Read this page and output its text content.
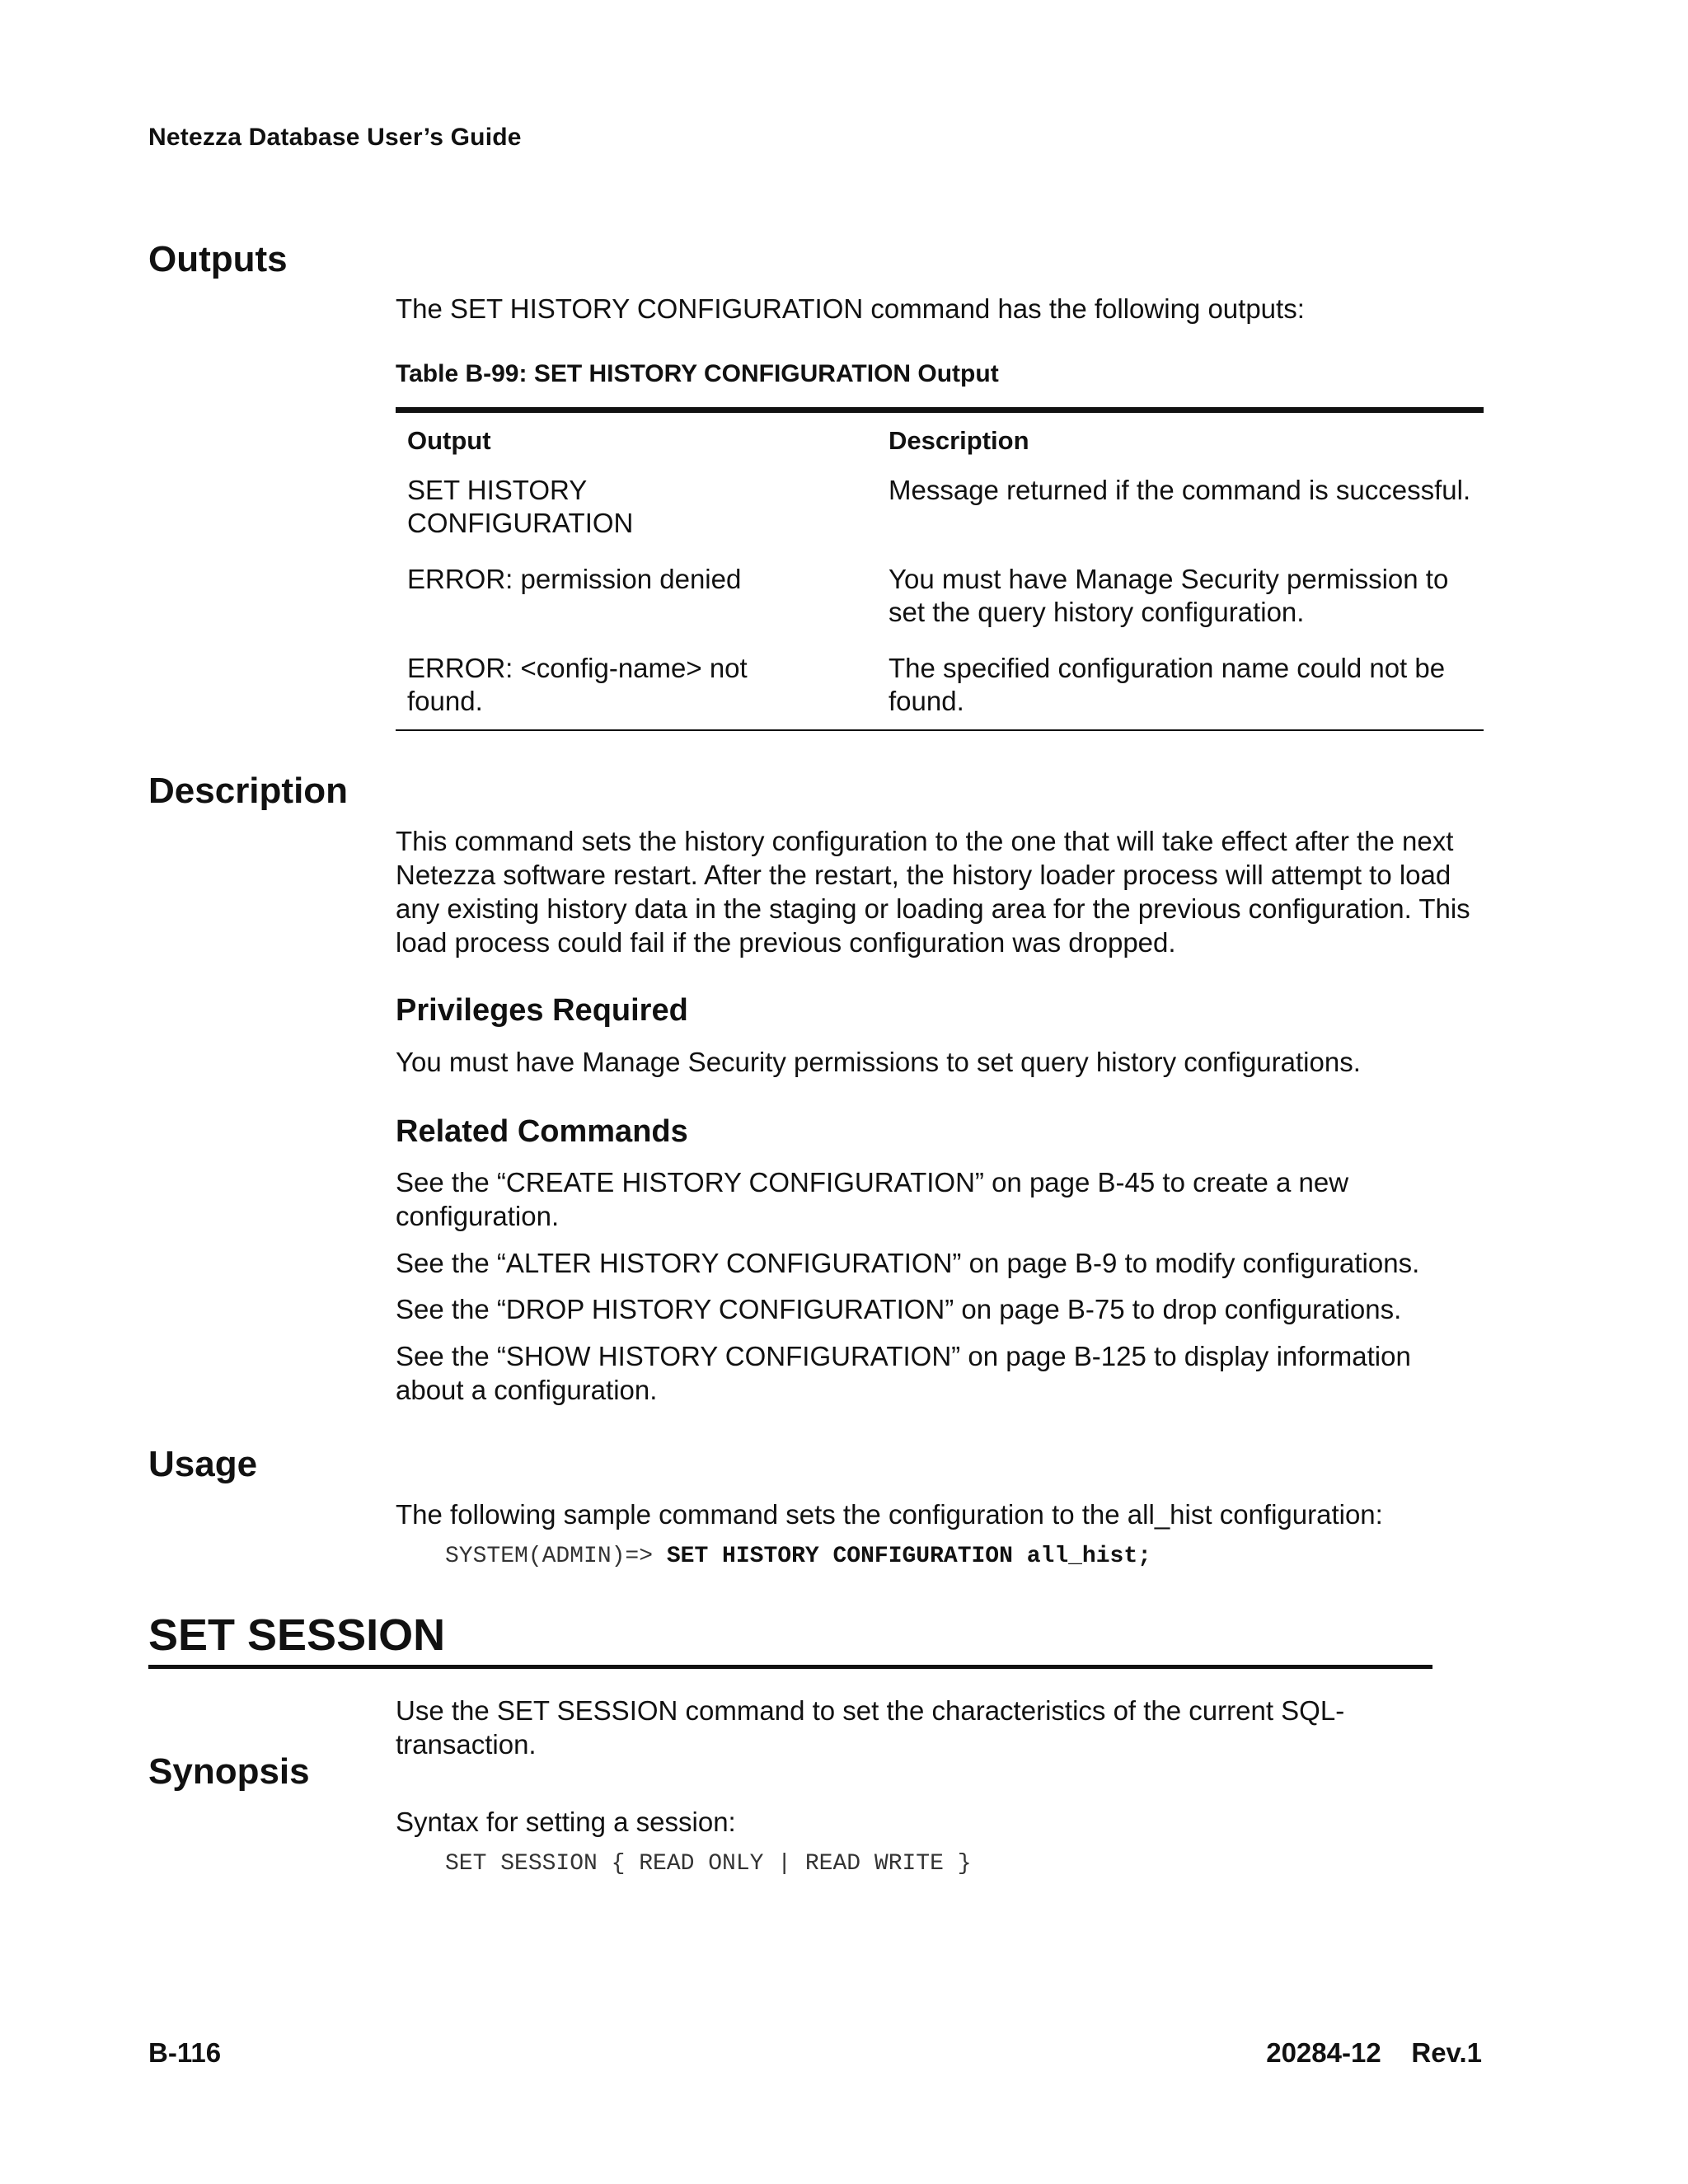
Netezza Database User’s Guide
Outputs

The SET HISTORY CONFIGURATION command has the following outputs:

Table B-99: SET HISTORY CONFIGURATION Output
Output	Description
SET HISTORY CONFIGURATION	Message returned if the command is successful.
ERROR: permission denied	You must have Manage Security permission to set the query history configuration.
ERROR: <config-name> not found.	The specified configuration name could not be found.
Description

This command sets the history configuration to the one that will take effect after the next Netezza software restart. After the restart, the history loader process will attempt to load any existing history data in the staging or loading area for the previous configuration. This load process could fail if the previous configuration was dropped.

Privileges Required

You must have Manage Security permissions to set query history configurations.

Related Commands

See the “CREATE HISTORY CONFIGURATION” on page B-45 to create a new configuration.

See the “ALTER HISTORY CONFIGURATION” on page B-9 to modify configurations.

See the “DROP HISTORY CONFIGURATION” on page B-75 to drop configurations.

See the “SHOW HISTORY CONFIGURATION” on page B-125 to display information about a configuration.

Usage

The following sample command sets the configuration to the all_hist configuration:

SYSTEM(ADMIN)=> SET HISTORY CONFIGURATION all_hist;
SET SESSION

Use the SET SESSION command to set the characteristics of the current SQL-transaction.

Synopsis

Syntax for setting a session:

SET SESSION { READ ONLY | READ WRITE }
B-116	20284-12 Rev.1
